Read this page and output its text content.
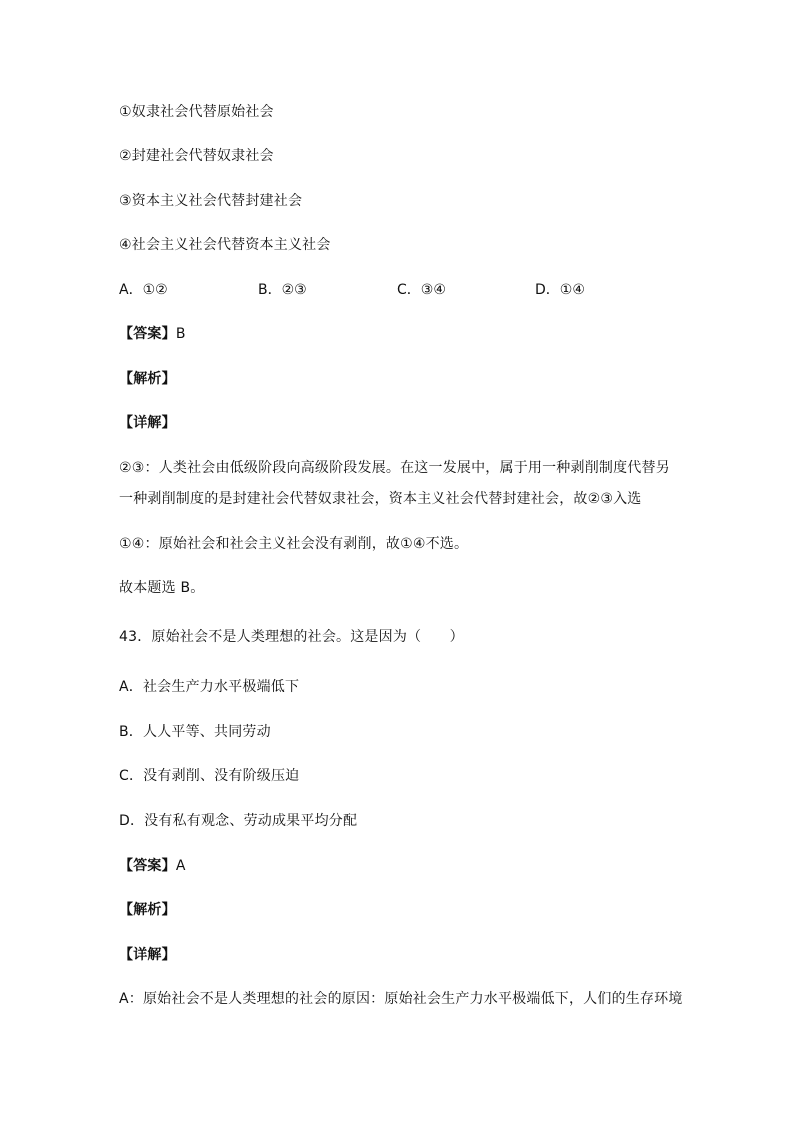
①奴隶社会代替原始社会
②封建社会代替奴隶社会
③资本主义社会代替封建社会
④社会主义社会代替资本主义社会
A．①②	B．②③	C．③④	D．①④
【答案】B
【解析】
【详解】
②③：人类社会由低级阶段向高级阶段发展。在这一发展中，属于用一种剥削制度代替另
一种剥削制度的是封建社会代替奴隶社会，资本主义社会代替封建社会，故②③入选
①④：原始社会和社会主义社会没有剥削，故①④不选。
故本题选 B。
43．原始社会不是人类理想的社会。这是因为（　　）
A．社会生产力水平极端低下
B．人人平等、共同劳动
C．没有剥削、没有阶级压迫
D．没有私有观念、劳动成果平均分配
【答案】A
【解析】
【详解】
A：原始社会不是人类理想的社会的原因：原始社会生产力水平极端低下，人们的生存环境
